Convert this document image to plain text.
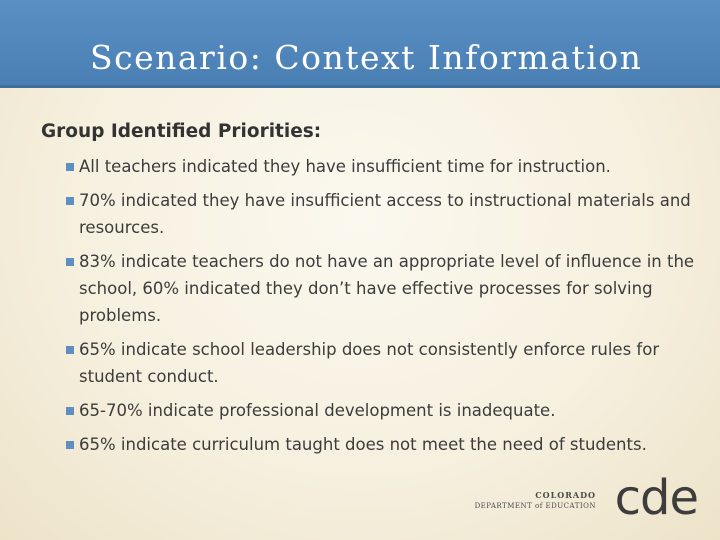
Scenario: Context Information

Group Identified Priorities:

All teachers indicated they have insufficient time for instruction.
70% indicated they have insufficient access to instructional materials and resources.
83% indicate teachers do not have an appropriate level of influence in the school, 60% indicated they don’t have effective processes for solving problems.
65% indicate school leadership does not consistently enforce rules for student conduct.
65-70% indicate professional development is inadequate.
65% indicate curriculum taught does not meet the need of students.
COLORADO
DEPARTMENT of EDUCATION cde
